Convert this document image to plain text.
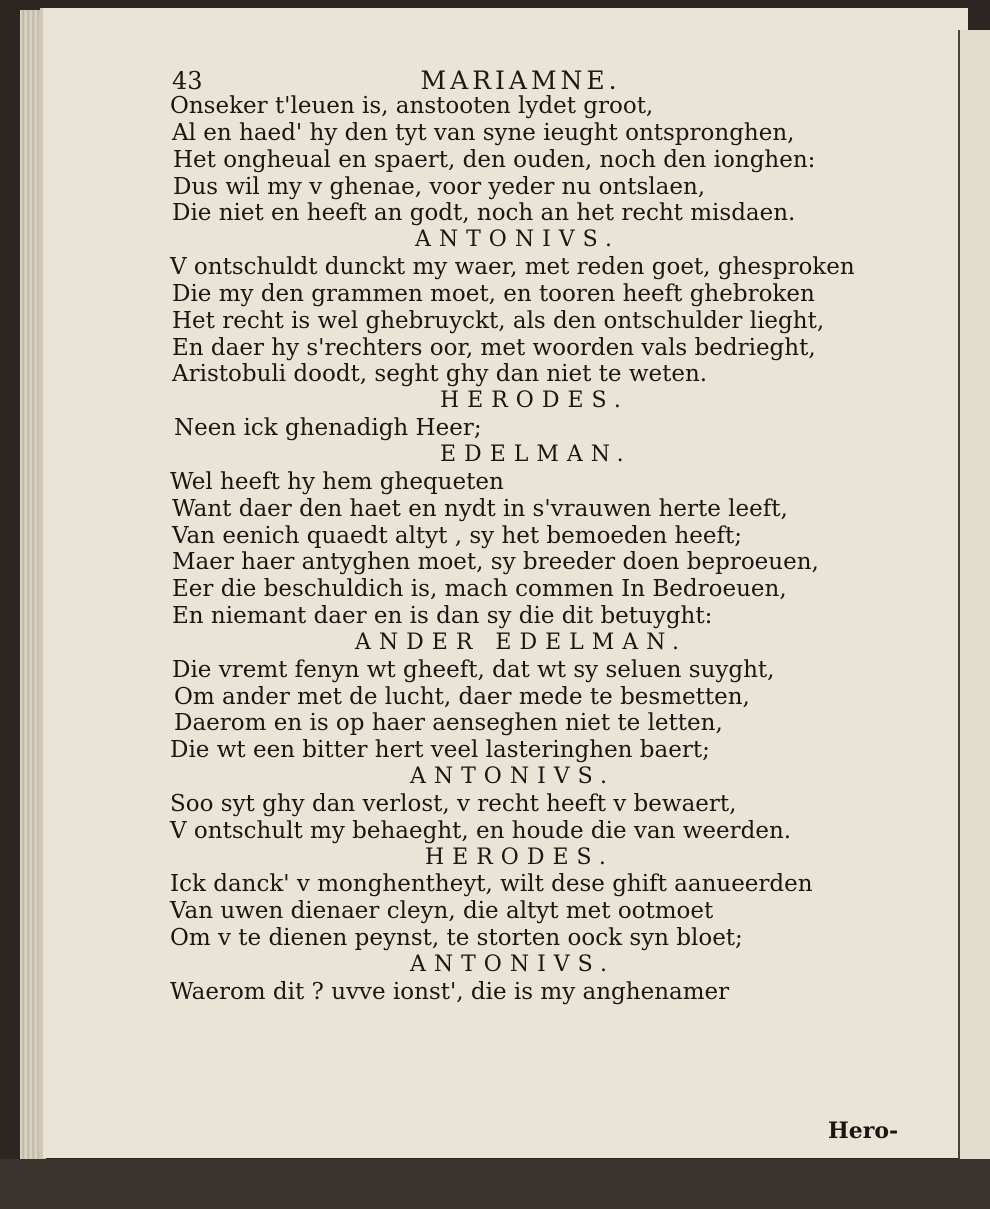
43	MARIAMNE.
Onseker t'leuen is, anstooten lydet groot,
Al en haed' hy den tyt van syne ieught ontspronghen,
Het ongheual en spaert, den ouden, noch den ionghen:
Dus wil my v ghenae, voor yeder nu ontslaen,
Die niet en heeft an godt, noch an het recht misdaen.
ANTONIVS.
V ontschuldt dunckt my waer, met reden goet, ghesproken
Die my den grammen moet, en tooren heeft ghebroken
Het recht is wel ghebruyckt, als den ontschulder lieght,
En daer hy s'rechters oor, met woorden vals bedrieght,
Aristobuli doodt, seght ghy dan niet te weten.
HERODES.
Neen ick ghenadigh Heer;
EDELMAN.
Wel heeft hy hem ghequeten
Want daer den haet en nydt in s'vrauwen herte leeft,
Van eenich quaedt altyt , sy het bemoeden heeft;
Maer haer antyghen moet, sy breeder doen beproeuen,
Eer die beschuldich is, mach commen In Bedroeuen,
En niemant daer en is dan sy die dit betuyght:
ANDER EDELMAN.
Die vremt fenyn wt gheeft, dat wt sy seluen suyght,
Om ander met de lucht, daer mede te besmetten,
Daerom en is op haer aenseghen niet te letten,
Die wt een bitter hert veel lasteringhen baert;
ANTONIVS.
Soo syt ghy dan verlost, v recht heeft v bewaert,
V ontschult my behaeght, en houde die van weerden.
HERODES.
Ick danck' v monghentheyt, wilt dese ghift aanueerden
Van uwen dienaer cleyn, die altyt met ootmoet
Om v te dienen peynst, te storten oock syn bloet;
ANTONIVS.
Waerom dit ? uvve ionst', die is my anghenamer
Hero-
